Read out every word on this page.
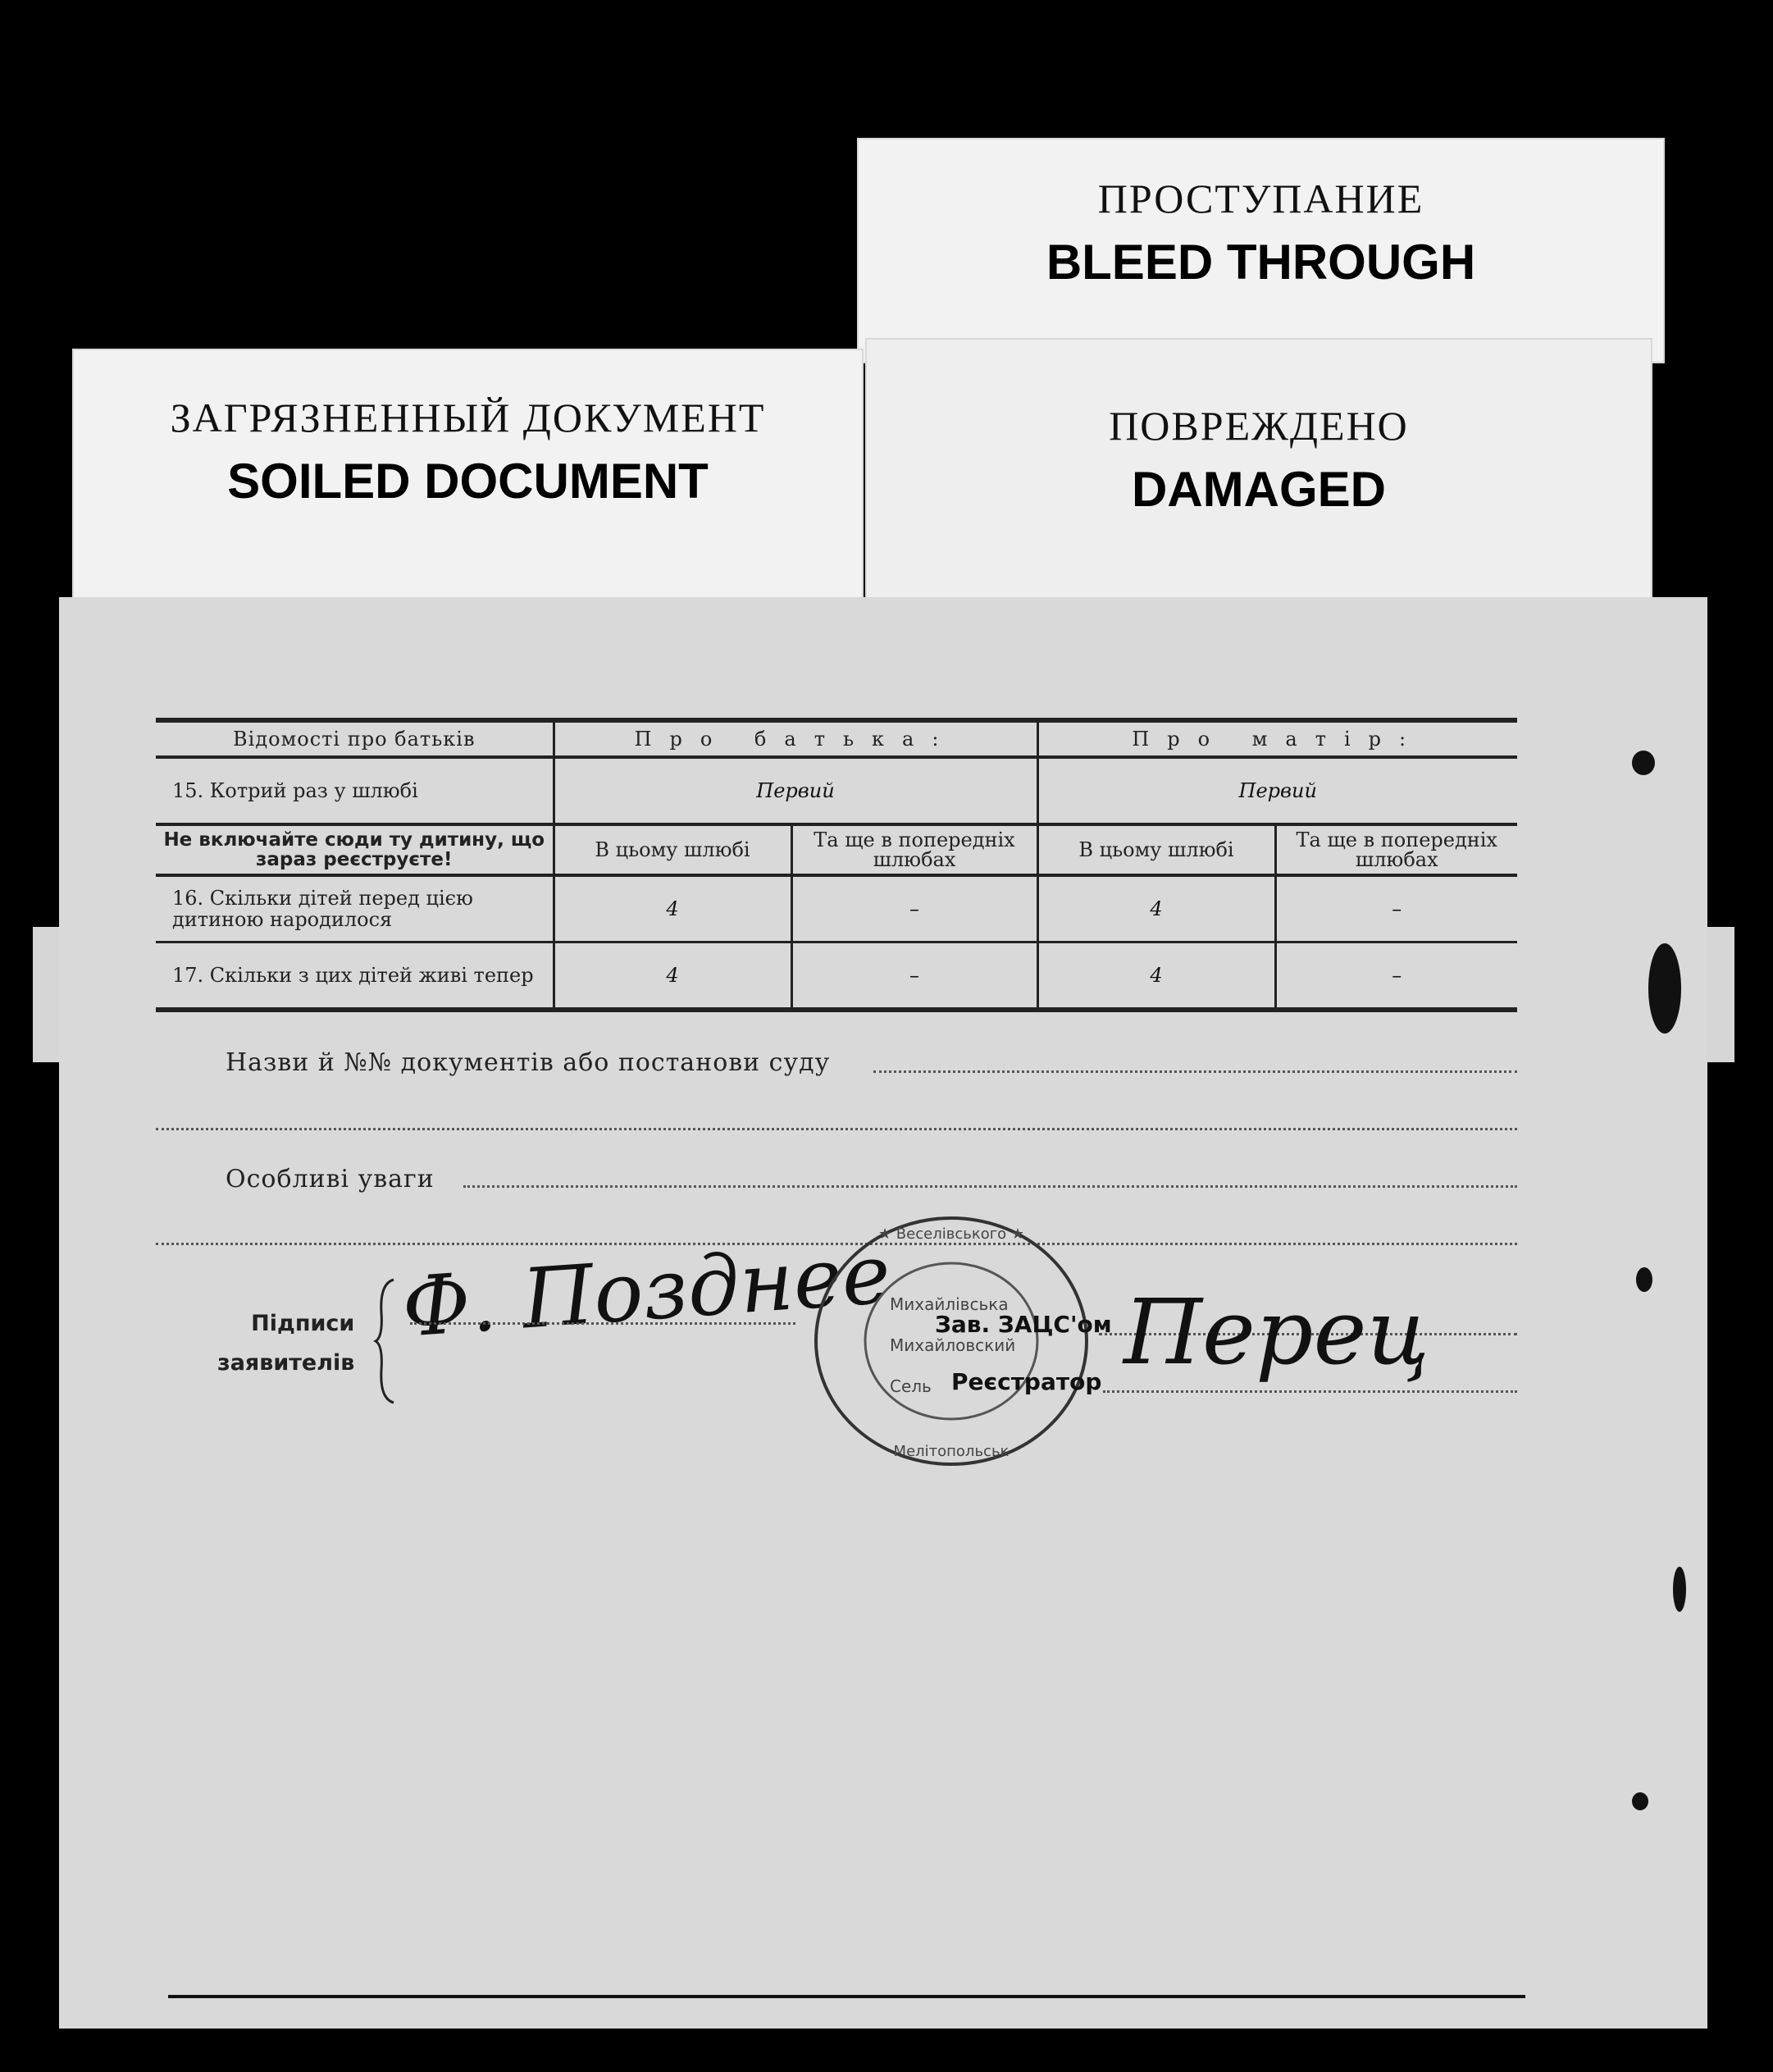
ПРОСТУПАНИЕ
BLEED THROUGH
ЗАГРЯЗНЕННЫЙ ДОКУМЕНТ
SOILED DOCUMENT
ПОВРЕЖДЕНО
DAMAGED
Відомості про батьків	Про батька:		Про матір:	
15. Котрий раз у шлюбі	Первий		Первий	
Не включайте сюди ту дитину, що зараз реєструєте!	В цьому шлюбі	Та ще в попередніх шлюбах	В цьому шлюбі	Та ще в попередніх шлюбах
16. Скільки дітей перед цією дитиною народилося	4	–	4	–
17. Скільки з цих дітей живі тепер	4	–	4	–
Назви й №№ документів або постанови суду
Особливі уваги
Підписи
заявителів
Ф. Позднее
★ Веселівського ★
Мелітопольськ
Михайлівська
Михайловский
Сель
Зав. ЗАЦС'ом
Реєстратор Перец
